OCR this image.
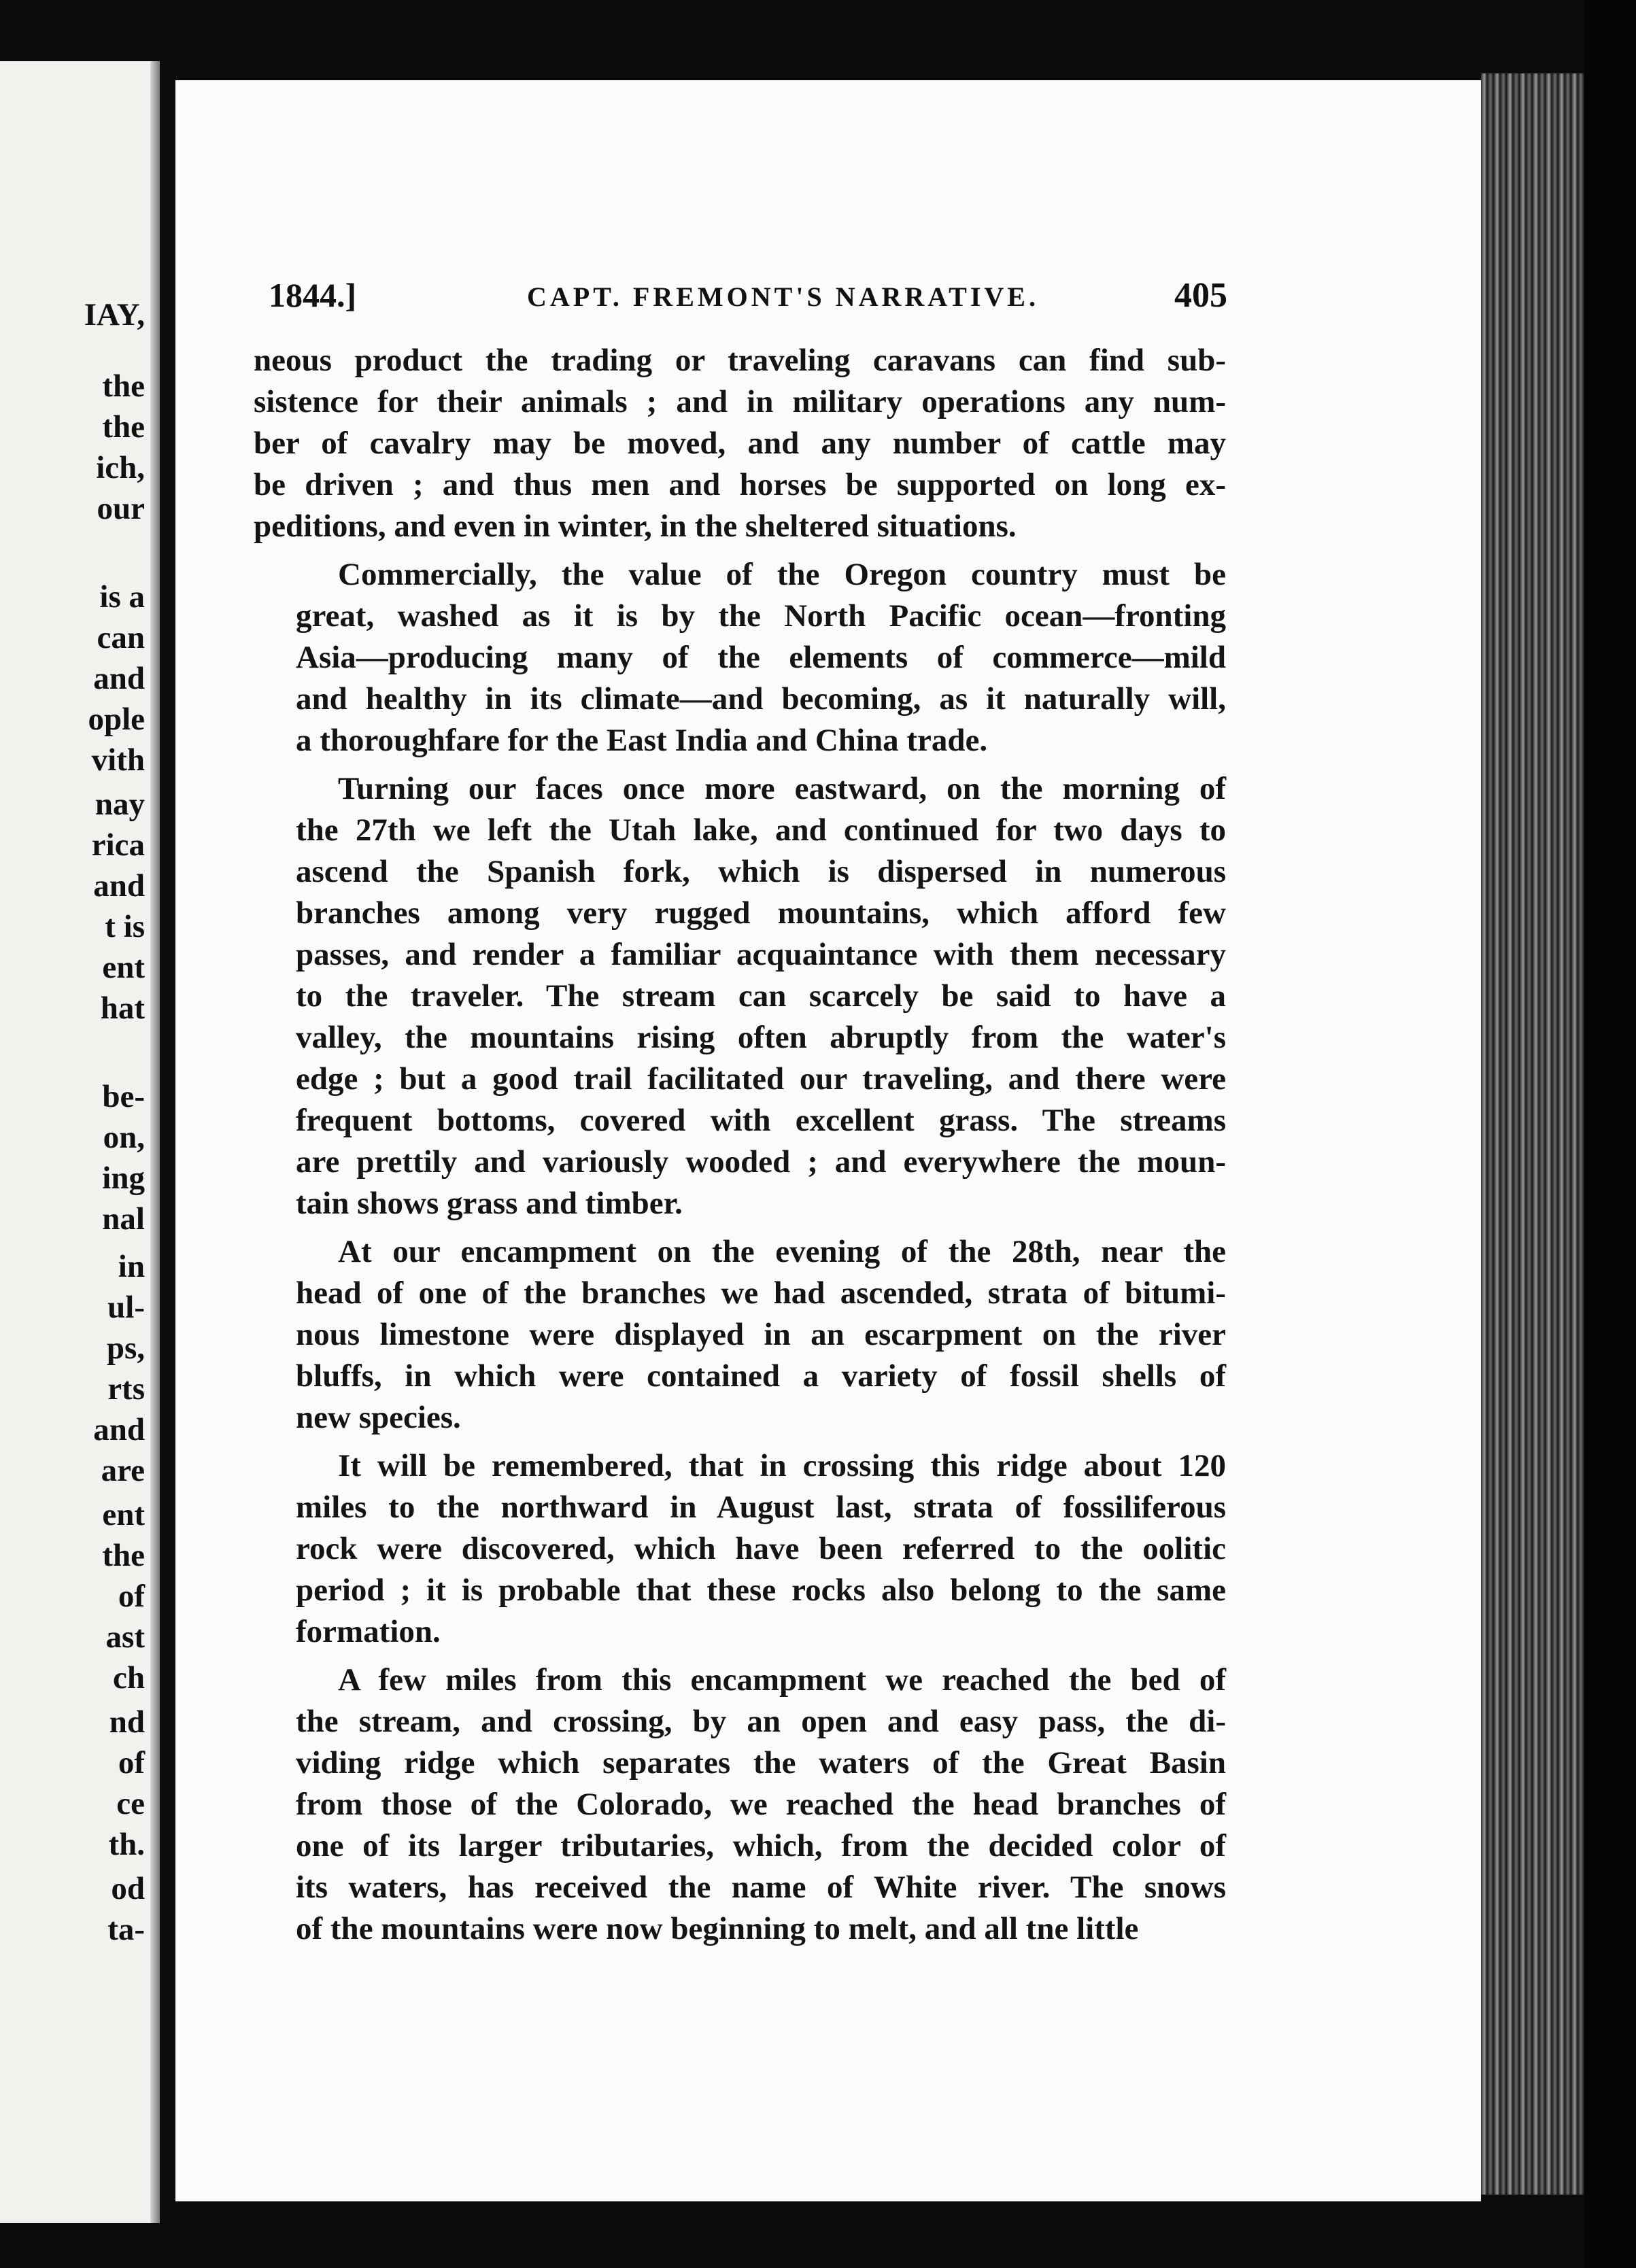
IAY,
the
the
ich,
our
is a
can
and
ople
vith
nay
rica
and
t is
ent
hat
be-
on,
ing
nal
in
ul-
ps,
rts
and
are
ent
the
of
ast
ch
nd
of
ce
th.
od
ta-
1844.]	CAPT. FREMONT'S NARRATIVE.	405
neous product the trading or traveling caravans can find sub-
sistence for their animals ; and in military operations any num-
ber of cavalry may be moved, and any number of cattle may
be driven ; and thus men and horses be supported on long ex-
peditions, and even in winter, in the sheltered situations.
Commercially, the value of the Oregon country must be
great, washed as it is by the North Pacific ocean—fronting
Asia—producing many of the elements of commerce—mild
and healthy in its climate—and becoming, as it naturally will,
a thoroughfare for the East India and China trade.
Turning our faces once more eastward, on the morning of
the 27th we left the Utah lake, and continued for two days to
ascend the Spanish fork, which is dispersed in numerous
branches among very rugged mountains, which afford few
passes, and render a familiar acquaintance with them necessary
to the traveler. The stream can scarcely be said to have a
valley, the mountains rising often abruptly from the water's
edge ; but a good trail facilitated our traveling, and there were
frequent bottoms, covered with excellent grass. The streams
are prettily and variously wooded ; and everywhere the moun-
tain shows grass and timber.
At our encampment on the evening of the 28th, near the
head of one of the branches we had ascended, strata of bitumi-
nous limestone were displayed in an escarpment on the river
bluffs, in which were contained a variety of fossil shells of
new species.
It will be remembered, that in crossing this ridge about 120
miles to the northward in August last, strata of fossiliferous
rock were discovered, which have been referred to the oolitic
period ; it is probable that these rocks also belong to the same
formation.
A few miles from this encampment we reached the bed of
the stream, and crossing, by an open and easy pass, the di-
viding ridge which separates the waters of the Great Basin
from those of the Colorado, we reached the head branches of
one of its larger tributaries, which, from the decided color of
its waters, has received the name of White river. The snows
of the mountains were now beginning to melt, and all tne little
